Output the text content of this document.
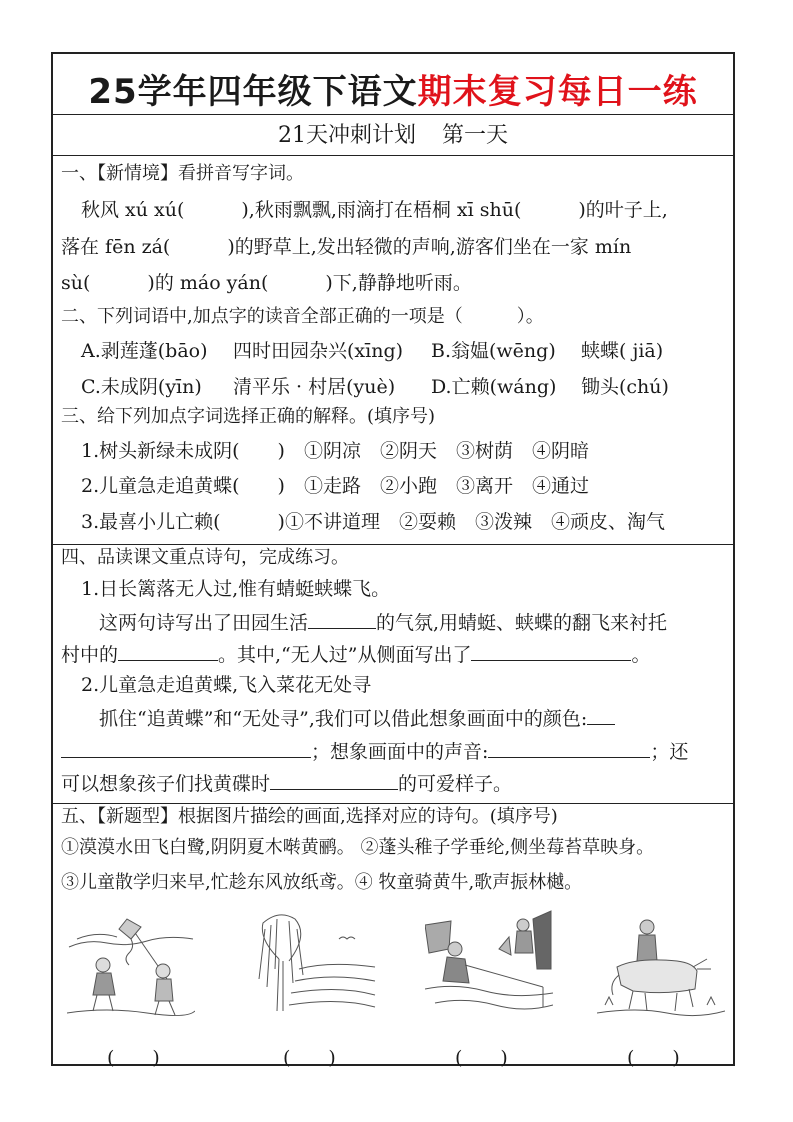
25学年四年级下语文期末复习每日一练
21天冲刺计划 第一天
一、【新情境】看拼音写字词。
秋风 xú xú(　　　),秋雨飘飘,雨滴打在梧桐 xī shū(　　　)的叶子上,
落在 fēn zá(　　　)的野草上,发出轻微的声响,游客们坐在一家 mín
sù(　　　)的 máo yán(　　　)下,静静地听雨。
二、下列词语中,加点字的读音全部正确的一项是（　　　）。
A.剥莲蓬(bāo) 四时田园杂兴(xīng) B.翁媪(wēng) 蛱蝶( jiā)
C.未成阴(yīn) 清平乐 · 村居(yuè) D.亡赖(wáng) 锄头(chú)
三、给下列加点字词选择正确的解释。(填序号)
1.树头新绿未成阴(　　)　①阴凉　②阴天　③树荫　④阴暗
2.儿童急走追黄蝶(　　)　①走路　②小跑　③离开　④通过
3.最喜小儿亡赖(　　　)①不讲道理　②耍赖　③泼辣　④顽皮、淘气
四、品读课文重点诗句，完成练习。
1.日长篱落无人过,惟有蜻蜓蛱蝶飞。
这两句诗写出了田园生活	的气氛,用蜻蜓、蛱蝶的翻飞来衬托
村中的	。其中,“无人过”从侧面写出了	。
2.儿童急走追黄蝶,飞入菜花无处寻
抓住“追黄蝶”和“无处寻”,我们可以借此想象画面中的颜色:
；想象画面中的声音:	；还
可以想象孩子们找黄碟时	的可爱样子。
五、【新题型】根据图片描绘的画面,选择对应的诗句。(填序号)
①漠漠水田飞白鹭,阴阴夏木啭黄鹂。 ②蓬头稚子学垂纶,侧坐莓苔草映身。
③儿童散学归来早,忙趁东风放纸鸢。④ 牧童骑黄牛,歌声振林樾。
(　　)	(　　)	(　　)	(　　)
